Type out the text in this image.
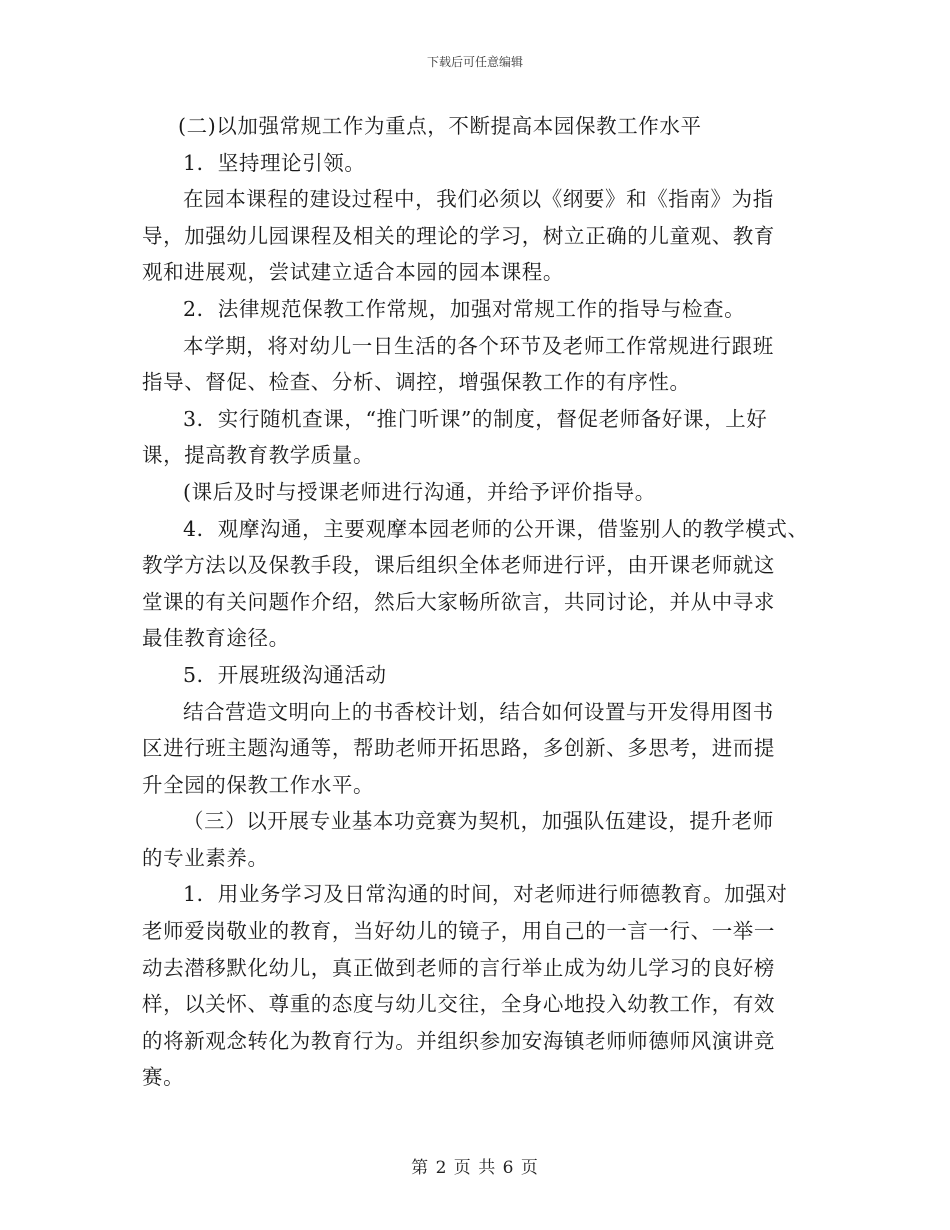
下载后可任意编辑
(二)以加强常规工作为重点，不断提高本园保教工作水平
1．坚持理论引领。
在园本课程的建设过程中，我们必须以《纲要》和《指南》为指
导，加强幼儿园课程及相关的理论的学习，树立正确的儿童观、教育
观和进展观，尝试建立适合本园的园本课程。
2．法律规范保教工作常规，加强对常规工作的指导与检查。
本学期，将对幼儿一日生活的各个环节及老师工作常规进行跟班
指导、督促、检查、分析、调控，增强保教工作的有序性。
3．实行随机查课，“推门听课”的制度，督促老师备好课，上好
课，提高教育教学质量。
(课后及时与授课老师进行沟通，并给予评价指导。
4．观摩沟通，主要观摩本园老师的公开课，借鉴别人的教学模式、
教学方法以及保教手段，课后组织全体老师进行评，由开课老师就这
堂课的有关问题作介绍，然后大家畅所欲言，共同讨论，并从中寻求
最佳教育途径。
5．开展班级沟通活动
结合营造文明向上的书香校计划，结合如何设置与开发得用图书
区进行班主题沟通等，帮助老师开拓思路，多创新、多思考，进而提
升全园的保教工作水平。
（三）以开展专业基本功竞赛为契机，加强队伍建设，提升老师
的专业素养。
1．用业务学习及日常沟通的时间，对老师进行师德教育。加强对
老师爱岗敬业的教育，当好幼儿的镜子，用自己的一言一行、一举一
动去潜移默化幼儿，真正做到老师的言行举止成为幼儿学习的良好榜
样，以关怀、尊重的态度与幼儿交往，全身心地投入幼教工作，有效
的将新观念转化为教育行为。并组织参加安海镇老师师德师风演讲竞
赛。
第 2 页 共 6 页
